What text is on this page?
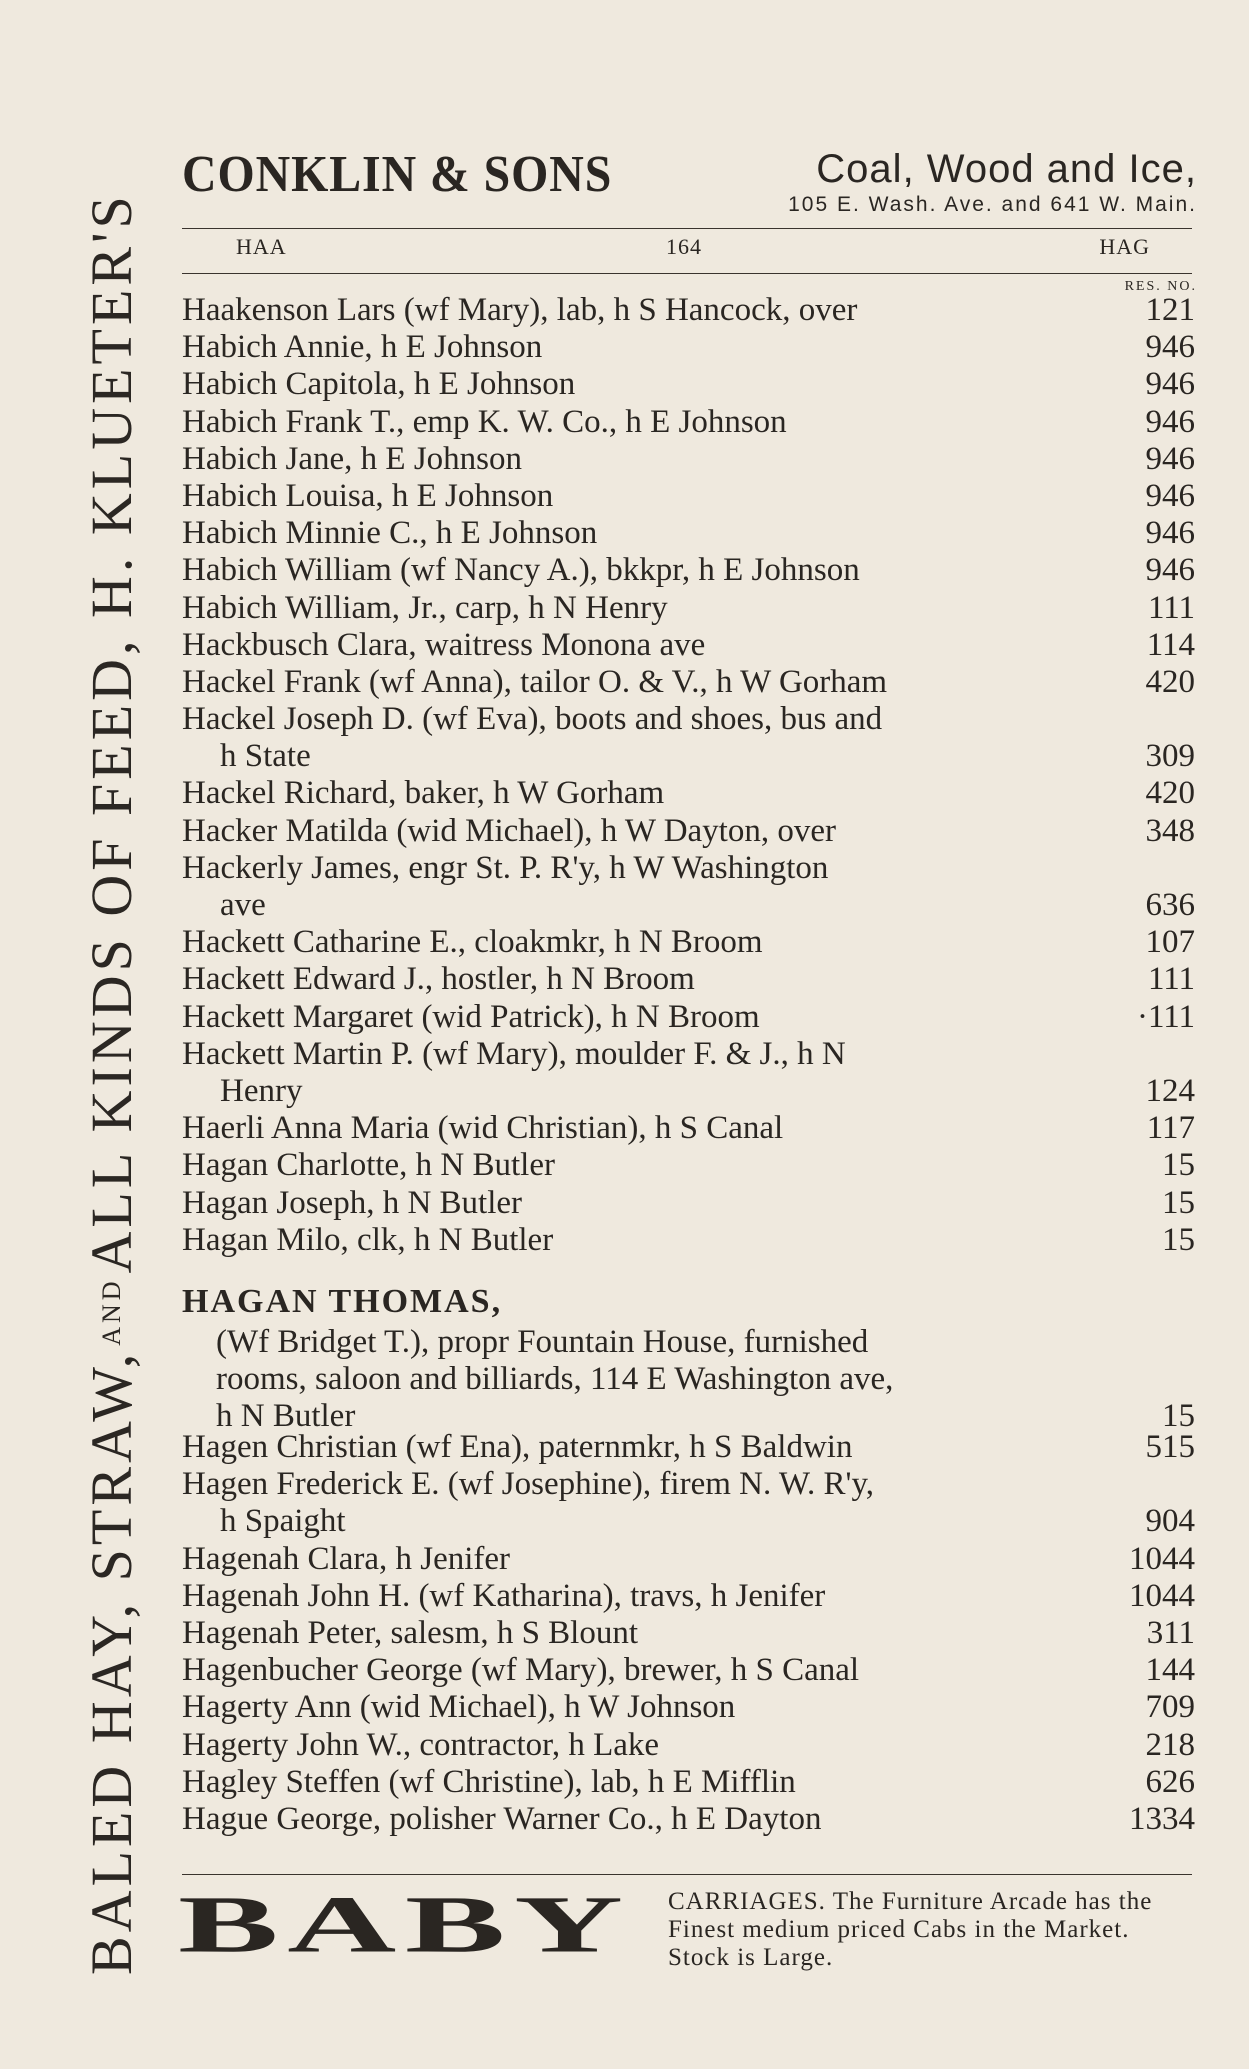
BALED HAY, STRAW,
AND
ALL KINDS OF FEED, H. KLUETER'S
CONKLIN & SONS	Coal, Wood and Ice,
105 E. Wash. Ave. and 641 W. Main.
HAA	164	HAG
RES. NO.
Haakenson Lars (wf Mary), lab, h S Hancock, over	121
Habich Annie, h E Johnson	946
Habich Capitola, h E Johnson	946
Habich Frank T., emp K. W. Co., h E Johnson	946
Habich Jane, h E Johnson	946
Habich Louisa, h E Johnson	946
Habich Minnie C., h E Johnson	946
Habich William (wf Nancy A.), bkkpr, h E Johnson	946
Habich William, Jr., carp, h N Henry	111
Hackbusch Clara, waitress Monona ave	114
Hackel Frank (wf Anna), tailor O. & V., h W Gorham	420
Hackel Joseph D. (wf Eva), boots and shoes, bus and
h State	309
Hackel Richard, baker, h W Gorham	420
Hacker Matilda (wid Michael), h W Dayton, over	348
Hackerly James, engr St. P. R'y, h W Washington
ave	636
Hackett Catharine E., cloakmkr, h N Broom	107
Hackett Edward J., hostler, h N Broom	111
Hackett Margaret (wid Patrick), h N Broom	·111
Hackett Martin P. (wf Mary), moulder F. & J., h N
Henry	124
Haerli Anna Maria (wid Christian), h S Canal	117
Hagan Charlotte, h N Butler	15
Hagan Joseph, h N Butler	15
Hagan Milo, clk, h N Butler	15
HAGAN THOMAS,
(Wf Bridget T.), propr Fountain House, furnished
rooms, saloon and billiards, 114 E Washington ave,
h N Butler	15
Hagen Christian (wf Ena), paternmkr, h S Baldwin	515
Hagen Frederick E. (wf Josephine), firem N. W. R'y,
h Spaight	904
Hagenah Clara, h Jenifer	1044
Hagenah John H. (wf Katharina), travs, h Jenifer	1044
Hagenah Peter, salesm, h S Blount	311
Hagenbucher George (wf Mary), brewer, h S Canal	144
Hagerty Ann (wid Michael), h W Johnson	709
Hagerty John W., contractor, h Lake	218
Hagley Steffen (wf Christine), lab, h E Mifflin	626
Hague George, polisher Warner Co., h E Dayton	1334
BABY CARRIAGES. The Furniture Arcade has the Finest medium priced Cabs in the Market. Stock is Large.
